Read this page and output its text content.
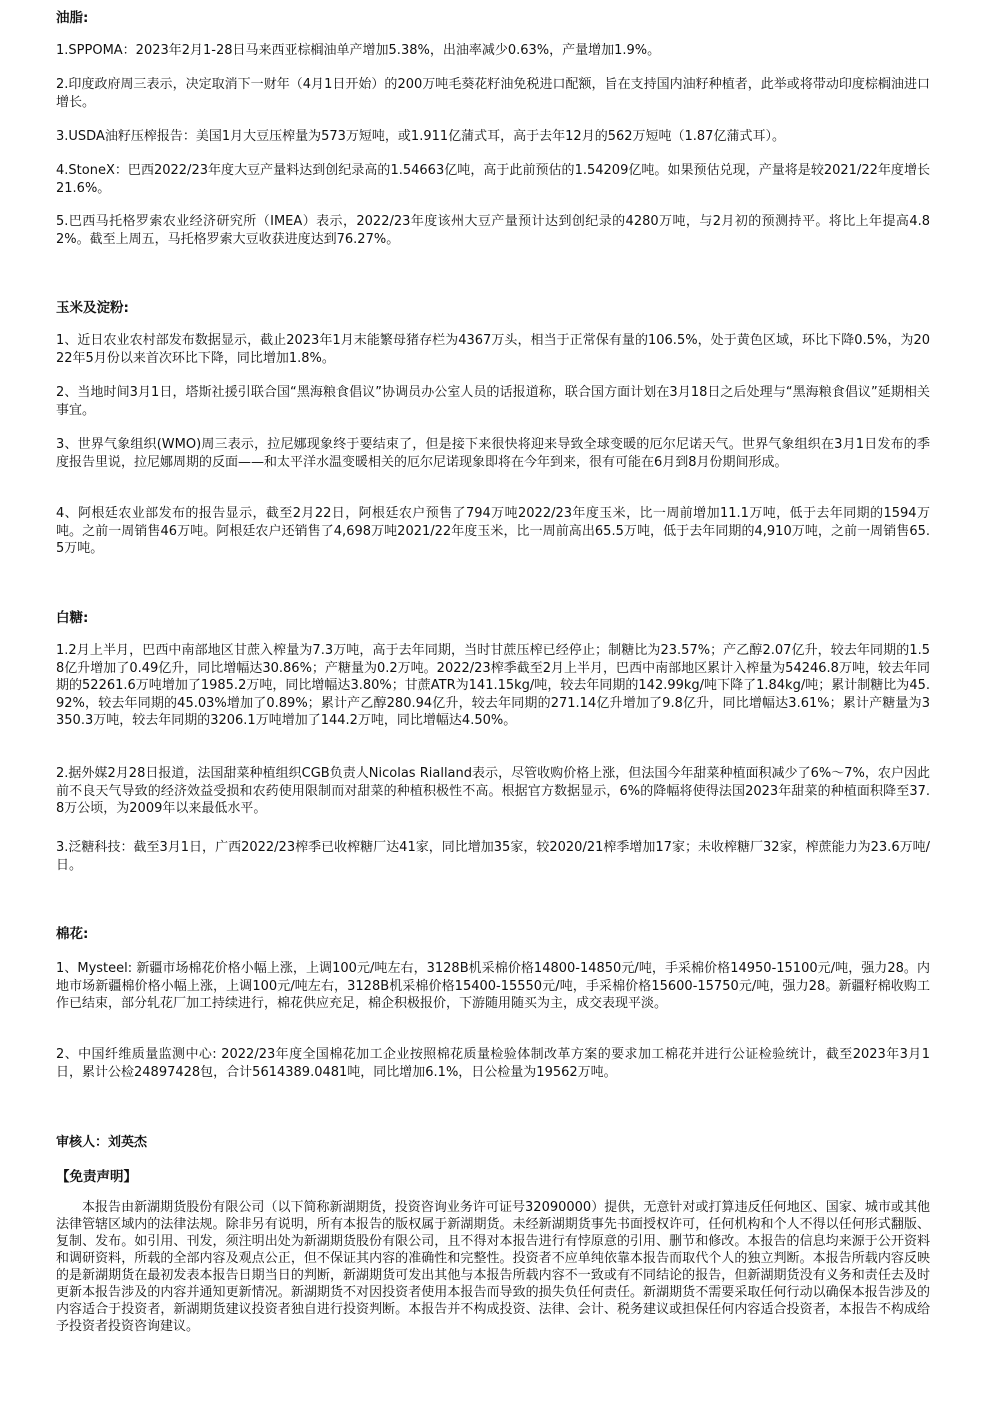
油脂:

1.SPPOMA：2023年2月1-28日马来西亚棕榈油单产增加5.38%，出油率减少0.63%，产量增加1.9%。

2.印度政府周三表示，决定取消下一财年（4月1日开始）的200万吨毛葵花籽油免税进口配额，旨在支持国内油籽种植者，此举或将带动印度棕榈油进口增长。

3.USDA油籽压榨报告：美国1月大豆压榨量为573万短吨，或1.911亿蒲式耳，高于去年12月的562万短吨（1.87亿蒲式耳）。

4.StoneX：巴西2022/23年度大豆产量料达到创纪录高的1.54663亿吨，高于此前预估的1.54209亿吨。如果预估兑现，产量将是较2021/22年度增长21.6%。

5.巴西马托格罗索农业经济研究所（IMEA）表示，2022/23年度该州大豆产量预计达到创纪录的4280万吨，与2月初的预测持平。将比上年提高4.82%。截至上周五，马托格罗索大豆收获进度达到76.27%。

玉米及淀粉:

1、近日农业农村部发布数据显示，截止2023年1月末能繁母猪存栏为4367万头，相当于正常保有量的106.5%，处于黄色区域，环比下降0.5%，为2022年5月份以来首次环比下降，同比增加1.8%。

2、当地时间3月1日，塔斯社援引联合国“黑海粮食倡议”协调员办公室人员的话报道称，联合国方面计划在3月18日之后处理与“黑海粮食倡议”延期相关事宜。

3、世界气象组织(WMO)周三表示，拉尼娜现象终于要结束了，但是接下来很快将迎来导致全球变暖的厄尔尼诺天气。世界气象组织在3月1日发布的季度报告里说，拉尼娜周期的反面——和太平洋水温变暖相关的厄尔尼诺现象即将在今年到来，很有可能在6月到8月份期间形成。

4、阿根廷农业部发布的报告显示，截至2月22日，阿根廷农户预售了794万吨2022/23年度玉米，比一周前增加11.1万吨，低于去年同期的1594万吨。之前一周销售46万吨。阿根廷农户还销售了4,698万吨2021/22年度玉米，比一周前高出65.5万吨，低于去年同期的4,910万吨，之前一周销售65.5万吨。

白糖:

1.2月上半月，巴西中南部地区甘蔗入榨量为7.3万吨，高于去年同期，当时甘蔗压榨已经停止；制糖比为23.57%；产乙醇2.07亿升，较去年同期的1.58亿升增加了0.49亿升，同比增幅达30.86%；产糖量为0.2万吨。2022/23榨季截至2月上半月，巴西中南部地区累计入榨量为54246.8万吨，较去年同期的52261.6万吨增加了1985.2万吨，同比增幅达3.80%；甘蔗ATR为141.15kg/吨，较去年同期的142.99kg/吨下降了1.84kg/吨；累计制糖比为45.92%，较去年同期的45.03%增加了0.89%；累计产乙醇280.94亿升，较去年同期的271.14亿升增加了9.8亿升，同比增幅达3.61%；累计产糖量为3350.3万吨，较去年同期的3206.1万吨增加了144.2万吨，同比增幅达4.50%。

2.据外媒2月28日报道，法国甜菜种植组织CGB负责人Nicolas Rialland表示，尽管收购价格上涨，但法国今年甜菜种植面积减少了6%～7%，农户因此前不良天气导致的经济效益受损和农药使用限制而对甜菜的种植积极性不高。根据官方数据显示，6%的降幅将使得法国2023年甜菜的种植面积降至37.8万公顷，为2009年以来最低水平。

3.泛糖科技：截至3月1日，广西2022/23榨季已收榨糖厂达41家，同比增加35家，较2020/21榨季增加17家；未收榨糖厂32家，榨蔗能力为23.6万吨/日。

棉花:

1、Mysteel: 新疆市场棉花价格小幅上涨，上调100元/吨左右，3128B机采棉价格14800-14850元/吨，手采棉价格14950-15100元/吨，强力28。内地市场新疆棉价格小幅上涨，上调100元/吨左右，3128B机采棉价格15400-15550元/吨，手采棉价格15600-15750元/吨，强力28。新疆籽棉收购工作已结束，部分轧花厂加工持续进行，棉花供应充足，棉企积极报价，下游随用随买为主，成交表现平淡。

2、中国纤维质量监测中心: 2022/23年度全国棉花加工企业按照棉花质量检验体制改革方案的要求加工棉花并进行公证检验统计，截至2023年3月1日，累计公检24897428包，合计5614389.0481吨，同比增加6.1%，日公检量为19562万吨。

审核人：刘英杰

【免责声明】

本报告由新湖期货股份有限公司（以下简称新湖期货，投资咨询业务许可证号32090000）提供，无意针对或打算违反任何地区、国家、城市或其他法律管辖区域内的法律法规。除非另有说明，所有本报告的版权属于新湖期货。未经新湖期货事先书面授权许可，任何机构和个人不得以任何形式翻版、复制、发布。如引用、刊发，须注明出处为新湖期货股份有限公司，且不得对本报告进行有悖原意的引用、删节和修改。本报告的信息均来源于公开资料和调研资料，所载的全部内容及观点公正，但不保证其内容的准确性和完整性。投资者不应单纯依靠本报告而取代个人的独立判断。本报告所载内容反映的是新湖期货在最初发表本报告日期当日的判断，新湖期货可发出其他与本报告所载内容不一致或有不同结论的报告，但新湖期货没有义务和责任去及时更新本报告涉及的内容并通知更新情况。新湖期货不对因投资者使用本报告而导致的损失负任何责任。新湖期货不需要采取任何行动以确保本报告涉及的内容适合于投资者，新湖期货建议投资者独自进行投资判断。本报告并不构成投资、法律、会计、税务建议或担保任何内容适合投资者，本报告不构成给予投资者投资咨询建议。
